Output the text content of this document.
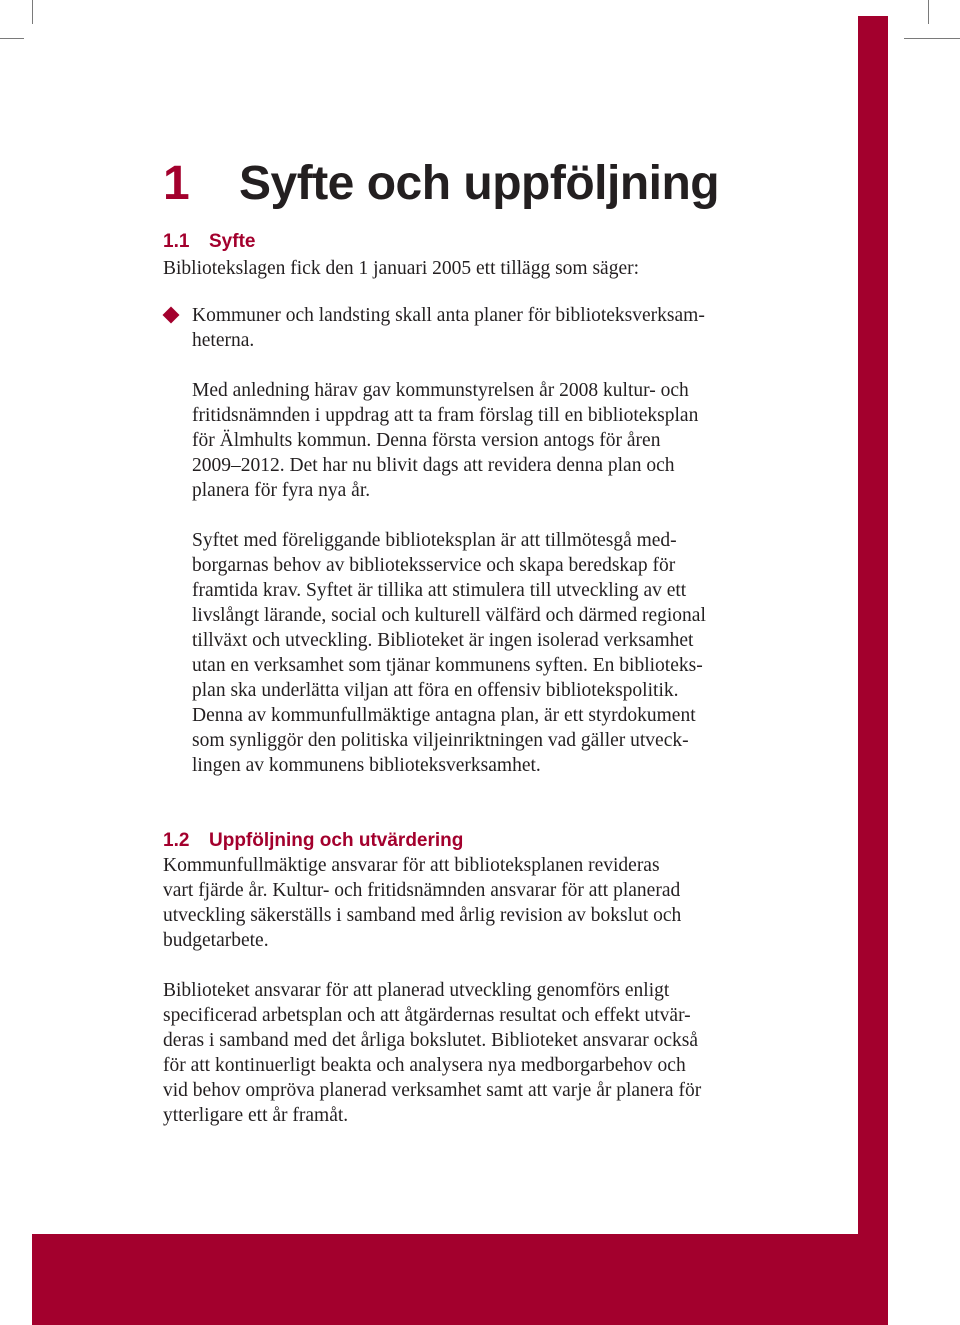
1 Syfte och uppföljning
1.1 Syfte

Bibliotekslagen fick den 1 januari 2005 ett tillägg som säger:

Kommuner och landsting skall anta planer för biblioteksverksam-
heterna.

Med anledning härav gav kommunstyrelsen år 2008 kultur- och
fritidsnämnden i uppdrag att ta fram förslag till en biblioteksplan
för Älmhults kommun. Denna första version antogs för åren
2009–2012. Det har nu blivit dags att revidera denna plan och
planera för fyra nya år.

Syftet med föreliggande biblioteksplan är att tillmötesgå med-
borgarnas behov av biblioteksservice och skapa beredskap för
framtida krav. Syftet är tillika att stimulera till utveckling av ett
livslångt lärande, social och kulturell välfärd och därmed regional
tillväxt och utveckling. Biblioteket är ingen isolerad verksamhet
utan en verksamhet som tjänar kommunens syften. En biblioteks-
plan ska underlätta viljan att föra en offensiv bibliotekspolitik.
Denna av kommunfullmäktige antagna plan, är ett styrdokument
som synliggör den politiska viljeinriktningen vad gäller utveck-
lingen av kommunens biblioteksverksamhet.

1.2 Uppföljning och utvärdering

Kommunfullmäktige ansvarar för att biblioteksplanen revideras
vart fjärde år. Kultur- och fritidsnämnden ansvarar för att planerad
utveckling säkerställs i samband med årlig revision av bokslut och
budgetarbete.

Biblioteket ansvarar för att planerad utveckling genomförs enligt
specificerad arbetsplan och att åtgärdernas resultat och effekt utvär-
deras i samband med det årliga bokslutet. Biblioteket ansvarar också
för att kontinuerligt beakta och analysera nya medborgarbehov och
vid behov ompröva planerad verksamhet samt att varje år planera för
ytterligare ett år framåt.
